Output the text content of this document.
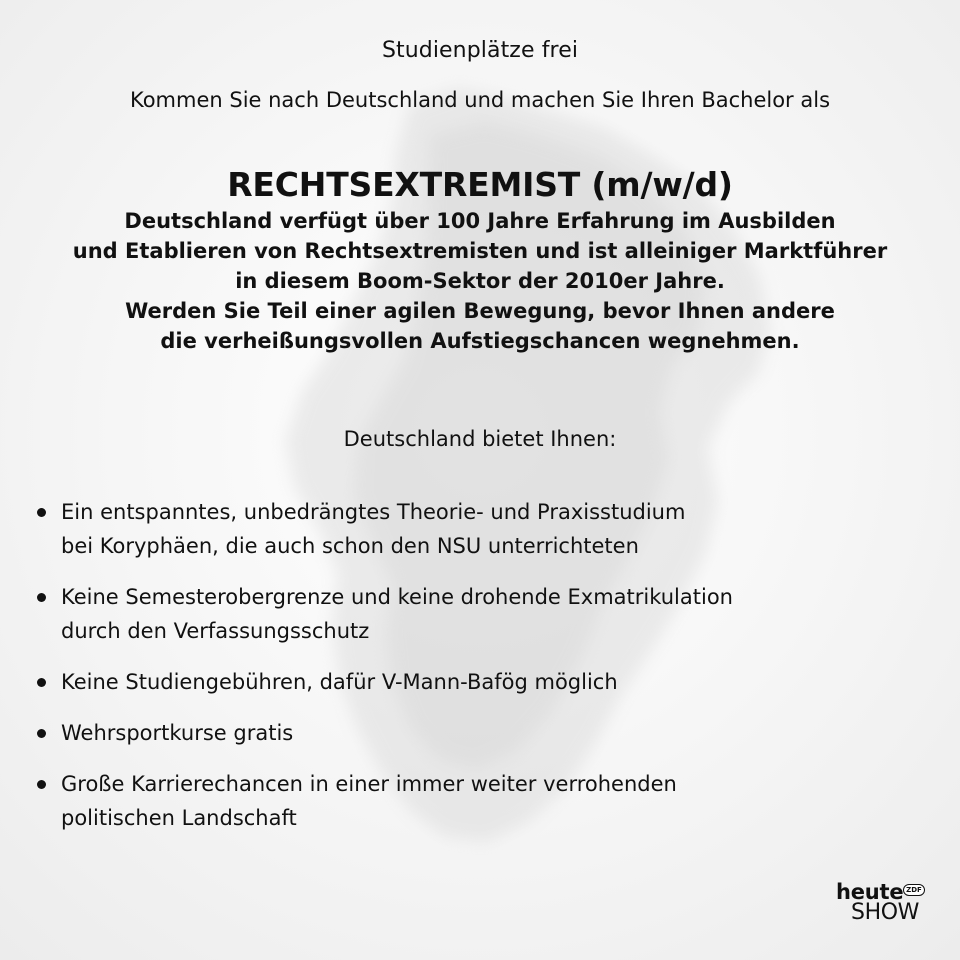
Studienplätze frei
Kommen Sie nach Deutschland und machen Sie Ihren Bachelor als
RECHTSEXTREMIST (m/w/d)
Deutschland verfügt über 100 Jahre Erfahrung im Ausbilden
und Etablieren von Rechtsextremisten und ist alleiniger Marktführer
in diesem Boom-Sektor der 2010er Jahre.
Werden Sie Teil einer agilen Bewegung, bevor Ihnen andere
die verheißungsvollen Aufstiegschancen wegnehmen.
Deutschland bietet Ihnen:
Ein entspanntes, unbedrängtes Theorie- und Praxisstudium
bei Koryphäen, die auch schon den NSU unterrichteten
Keine Semesterobergrenze und keine drohende Exmatrikulation
durch den Verfassungsschutz
Keine Studiengebühren, dafür V-Mann-Bafög möglich
Wehrsportkurse gratis
Große Karrierechancen in einer immer weiter verrohenden
politischen Landschaft
heute ZDF
SHOW
